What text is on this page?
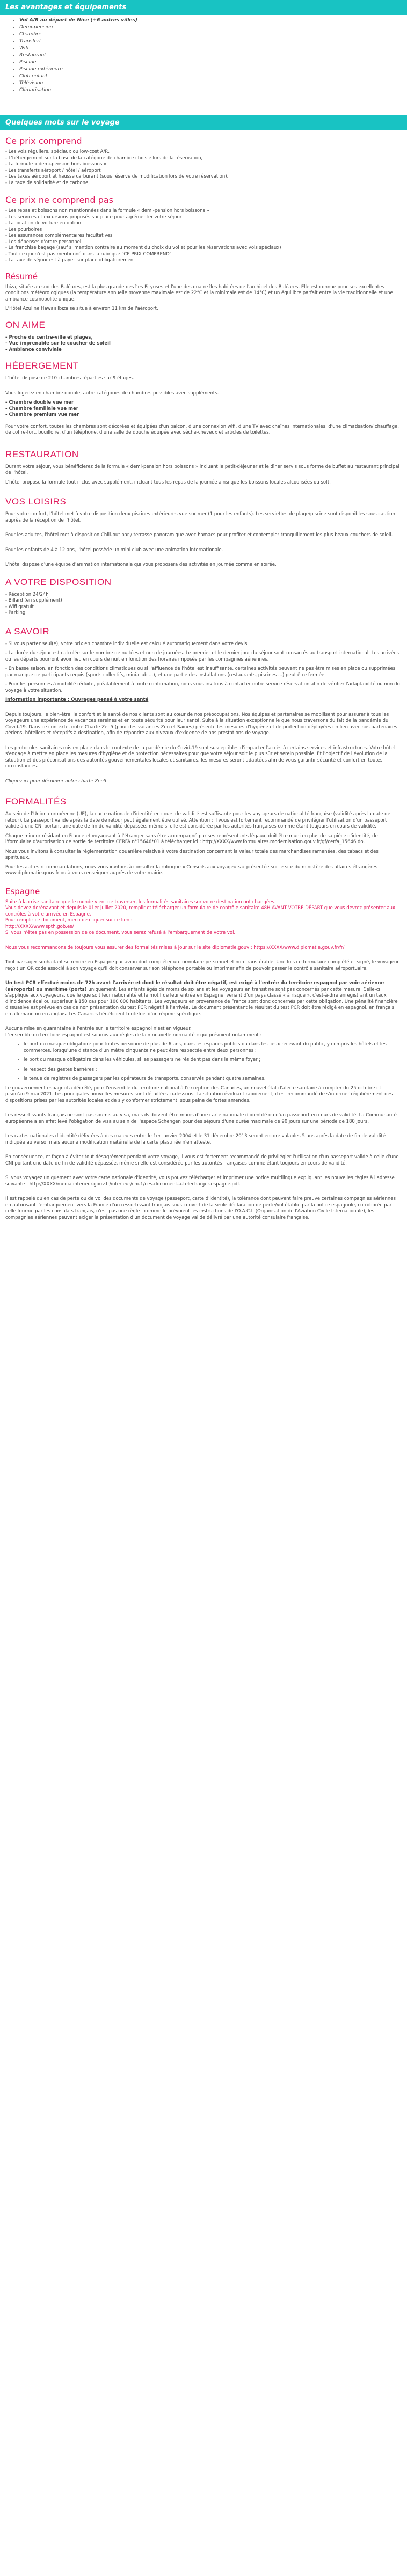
Les avantages et équipements
• Vol A/R au départ de Nice (+6 autres villes)
• Demi-pension
• Chambre
• Transfert
• Wifi
• Restaurant
• Piscine
• Piscine extérieure
• Club enfant
• Télévision
• Climatisation
Quelques mots sur le voyage
Ce prix comprend

- Les vols réguliers, spéciaux ou low-cost A/R,

- L'hébergement sur la base de la catégorie de chambre choisie lors de la réservation,

- La formule « demi-pension hors boissons »

- Les transferts aéroport / hôtel / aéroport

- Les taxes aéroport et hausse carburant (sous réserve de modification lors de votre réservation),

- La taxe de solidarité et de carbone,

Ce prix ne comprend pas

- Les repas et boissons non mentionnées dans la formule « demi-pension hors boissons »

- Les services et excursions proposés sur place pour agrémenter votre séjour

- La location de voiture en option

- Les pourboires

- Les assurances complémentaires facultatives

- Les dépenses d'ordre personnel

- La franchise bagage (sauf si mention contraire au moment du choix du vol et pour les réservations avec vols spéciaux)

- Tout ce qui n'est pas mentionné dans la rubrique "CE PRIX COMPREND"

- La taxe de séjour est à payer sur place obligatoirement

Résumé

Ibiza, située au sud des Baléares, est la plus grande des îles Pityuses et l'une des quatre îles habitées de l'archipel des Baléares. Elle est connue pour ses excellentes conditions météorologiques (la température annuelle moyenne maximale est de 22°C et la minimale est de 14°C) et un équilibre parfait entre la vie traditionnelle et une ambiance cosmopolite unique.

L'Hôtel Azuline Hawaii Ibiza se situe à environ 11 km de l'aéroport.

ON AIME

- Proche du centre-ville et plages,

- Vue imprenable sur le coucher de soleil

- Ambiance conviviale

HÉBERGEMENT

L'hôtel dispose de 210 chambres réparties sur 9 étages.

Vous logerez en chambre double, autre catégories de chambres possibles avec suppléments.

- Chambre double vue mer

- Chambre familiale vue mer

- Chambre premium vue mer

Pour votre confort, toutes les chambres sont décorées et équipées d'un balcon, d'une connexion wifi, d'une TV avec chaînes internationales, d'une climatisation/ chauffage, de coffre-fort, bouilloire, d'un téléphone, d'une salle de douche équipée avec sèche-cheveux et articles de toilettes.

RESTAURATION

Durant votre séjour, vous bénéficierez de la formule « demi-pension hors boissons » incluant le petit-déjeuner et le dîner servis sous forme de buffet au restaurant principal de l'hôtel.

L'hôtel propose la formule tout inclus avec supplément, incluant tous les repas de la journée ainsi que les boissons locales alcoolisées ou soft.

VOS LOISIRS

Pour votre confort, l'hôtel met à votre disposition deux piscines extérieures vue sur mer (1 pour les enfants). Les serviettes de plage/piscine sont disponibles sous caution auprès de la réception de l'hôtel.

Pour les adultes, l'hôtel met à disposition Chill-out bar / terrasse panoramique avec hamacs pour profiter et contempler tranquillement les plus beaux couchers de soleil.

Pour les enfants de 4 à 12 ans, l'hôtel possède un mini club avec une animation internationale.

L'hôtel dispose d'une équipe d'animation internationale qui vous proposera des activités en journée comme en soirée.

A VOTRE DISPOSITION

- Réception 24/24h

- Billard (en supplément)

- Wifi gratuit

- Parking

A SAVOIR

- Si vous partez seul(e), votre prix en chambre individuelle est calculé automatiquement dans votre devis.

- La durée du séjour est calculée sur le nombre de nuitées et non de journées. Le premier et le dernier jour du séjour sont consacrés au transport international. Les arrivées ou les départs pourront avoir lieu en cours de nuit en fonction des horaires imposés par les compagnies aériennes.

- En basse saison, en fonction des conditions climatiques ou si l'affluence de l'hôtel est insuffisante, certaines activités peuvent ne pas être mises en place ou supprimées par manque de participants requis (sports collectifs, mini-club ...), et une partie des installations (restaurants, piscines ...) peut être fermée.

- Pour les personnes à mobilité réduite, préalablement à toute confirmation, nous vous invitons à contacter notre service réservation afin de vérifier l'adaptabilité ou non du voyage à votre situation.

Information importante : Ouvrages pensé à votre santé

Depuis toujours, le bien-être, le confort et la santé de nos clients sont au cœur de nos préoccupations. Nos équipes et partenaires se mobilisent pour assurer à tous les voyageurs une expérience de vacances sereines et en toute sécurité pour leur santé. Suite à la situation exceptionnelle que nous traversons du fait de la pandémie du Covid-19. Dans ce contexte, notre Charte Zen5 (pour des vacances Zen et Saines) présente les mesures d'hygiène et de protection déployées en lien avec nos partenaires aériens, hôteliers et réceptifs à destination, afin de répondre aux niveaux d'exigence de nos prestations de voyage.

Les protocoles sanitaires mis en place dans le contexte de la pandémie du Covid-19 sont susceptibles d'impacter l'accès à certains services et infrastructures. Votre hôtel s'engage à mettre en place les mesures d'hygiène et de protection nécessaires pour que votre séjour soit le plus sûr et serein possible. Et l'objectif de l'évolution de la situation et des préconisations des autorités gouvernementales locales et sanitaires, les mesures seront adaptées afin de vous garantir sécurité et confort en toutes circonstances.

Cliquez ici pour découvrir notre charte Zen5

FORMALITÉS

Au sein de l'Union européenne (UE), la carte nationale d'identité en cours de validité est suffisante pour les voyageurs de nationalité française (validité après la date de retour). Le passeport valide après la date de retour peut également être utilisé. Attention : il vous est fortement recommandé de privilégier l'utilisation d'un passeport valide à une CNI portant une date de fin de validité dépassée, même si elle est considérée par les autorités françaises comme étant toujours en cours de validité.

Chaque mineur résidant en France et voyageant à l'étranger sans être accompagné par ses représentants légaux, doit être muni en plus de sa pièce d'identité, de l'formulaire d'autorisation de sortie de territoire CERFA n°15646*01 à télécharger ici : http://XXXX/www.formulaires.modernisation.gouv.fr/gf/cerfa_15646.do.

Nous vous invitons à consulter la réglementation douanière relative à votre destination concernant la valeur totale des marchandises ramenées, des tabacs et des spiritueux.

Pour les autres recommandations, nous vous invitons à consulter la rubrique « Conseils aux voyageurs » présentée sur le site du ministère des affaires étrangères www.diplomatie.gouv.fr ou à vous renseigner auprès de votre mairie.

Espagne

Suite à la crise sanitaire que le monde vient de traverser, les formalités sanitaires sur votre destination ont changées.

Vous devez dorénavant et depuis le 01er juillet 2020, remplir et télécharger un formulaire de contrôle sanitaire 48H AVANT VOTRE DÉPART que vous devrez présenter aux contrôles à votre arrivée en Espagne.

Pour remplir ce document, merci de cliquer sur ce lien :

http://XXXX/www.spth.gob.es/

Si vous n'êtes pas en possession de ce document, vous serez refusé à l'embarquement de votre vol.

Nous vous recommandons de toujours vous assurer des formalités mises à jour sur le site diplomatie.gouv : https://XXXX/www.diplomatie.gouv.fr/fr/

Tout passager souhaitant se rendre en Espagne par avion doit compléter un formulaire personnel et non transférable. Une fois ce formulaire complété et signé, le voyageur reçoit un QR code associé à son voyage qu'il doit conserver sur son téléphone portable ou imprimer afin de pouvoir passer le contrôle sanitaire aéroportuaire.

Un test PCR effectué moins de 72h avant l'arrivée et dont le résultat doit être négatif, est exigé à l'entrée du territoire espagnol par voie aérienne (aéroports) ou maritime (ports) uniquement. Les enfants âgés de moins de six ans et les voyageurs en transit ne sont pas concernés par cette mesure. Celle-ci s'applique aux voyageurs, quelle que soit leur nationalité et le motif de leur entrée en Espagne, venant d'un pays classé « à risque », c'est-à-dire enregistrant un taux d'incidence égal ou supérieur à 150 cas pour 100 000 habitants. Les voyageurs en provenance de France sont donc concernés par cette obligation. Une pénalité financière dissuasive est prévue en cas de non présentation du test PCR négatif à l'arrivée. Le document présentant le résultat du test PCR doit être rédigé en espagnol, en français, en allemand ou en anglais. Les Canaries bénéficient toutefois d'un régime spécifique.

Aucune mise en quarantaine à l'entrée sur le territoire espagnol n'est en vigueur.

L'ensemble du territoire espagnol est soumis aux règles de la « nouvelle normalité » qui prévoient notamment :

• le port du masque obligatoire pour toutes personne de plus de 6 ans, dans les espaces publics ou dans les lieux recevant du public, y compris les hôtels et les commerces, lorsqu'une distance d'un mètre cinquante ne peut être respectée entre deux personnes ;
• le port du masque obligatoire dans les véhicules, si les passagers ne résident pas dans le même foyer ;
• le respect des gestes barrières ;
• la tenue de registres de passagers par les opérateurs de transports, conservés pendant quatre semaines.

Le gouvernement espagnol a décrété, pour l'ensemble du territoire national à l'exception des Canaries, un nouvel état d'alerte sanitaire à compter du 25 octobre et jusqu'au 9 mai 2021. Les principales nouvelles mesures sont détaillées ci-dessous. La situation évoluant rapidement, il est recommandé de s'informer régulièrement des dispositions prises par les autorités locales et de s'y conformer strictement, sous peine de fortes amendes.

Les ressortissants français ne sont pas soumis au visa, mais ils doivent être munis d'une carte nationale d'identité ou d'un passeport en cours de validité. La Communauté européenne a en effet levé l'obligation de visa au sein de l'espace Schengen pour des séjours d'une durée maximale de 90 jours sur une période de 180 jours.

Les cartes nationales d'identité délivrées à des majeurs entre le 1er janvier 2004 et le 31 décembre 2013 seront encore valables 5 ans après la date de fin de validité indiquée au verso, mais aucune modification matérielle de la carte plastifiée n'en atteste.

En conséquence, et façon à éviter tout désagrément pendant votre voyage, il vous est fortement recommandé de privilégier l'utilisation d'un passeport valide à celle d'une CNI portant une date de fin de validité dépassée, même si elle est considérée par les autorités françaises comme étant toujours en cours de validité.

Si vous voyagez uniquement avec votre carte nationale d'identité, vous pouvez télécharger et imprimer une notice multilingue expliquant les nouvelles règles à l'adresse suivante : http://XXXX/media.interieur.gouv.fr/interieur/cni-1/ces-document-a-telecharger-espagne.pdf.

Il est rappelé qu'en cas de perte ou de vol des documents de voyage (passeport, carte d'identité), la tolérance dont peuvent faire preuve certaines compagnies aériennes en autorisant l'embarquement vers la France d'un ressortissant français sous couvert de la seule déclaration de perte/vol établie par la police espagnole, corroborée par celle fournie par les consulats français, n'est pas une règle : comme le prévoient les instructions de l'O.A.C.I. (Organisation de l'Aviation Civile Internationale), les compagnies aériennes peuvent exiger la présentation d'un document de voyage valide délivré par une autorité consulaire française.
